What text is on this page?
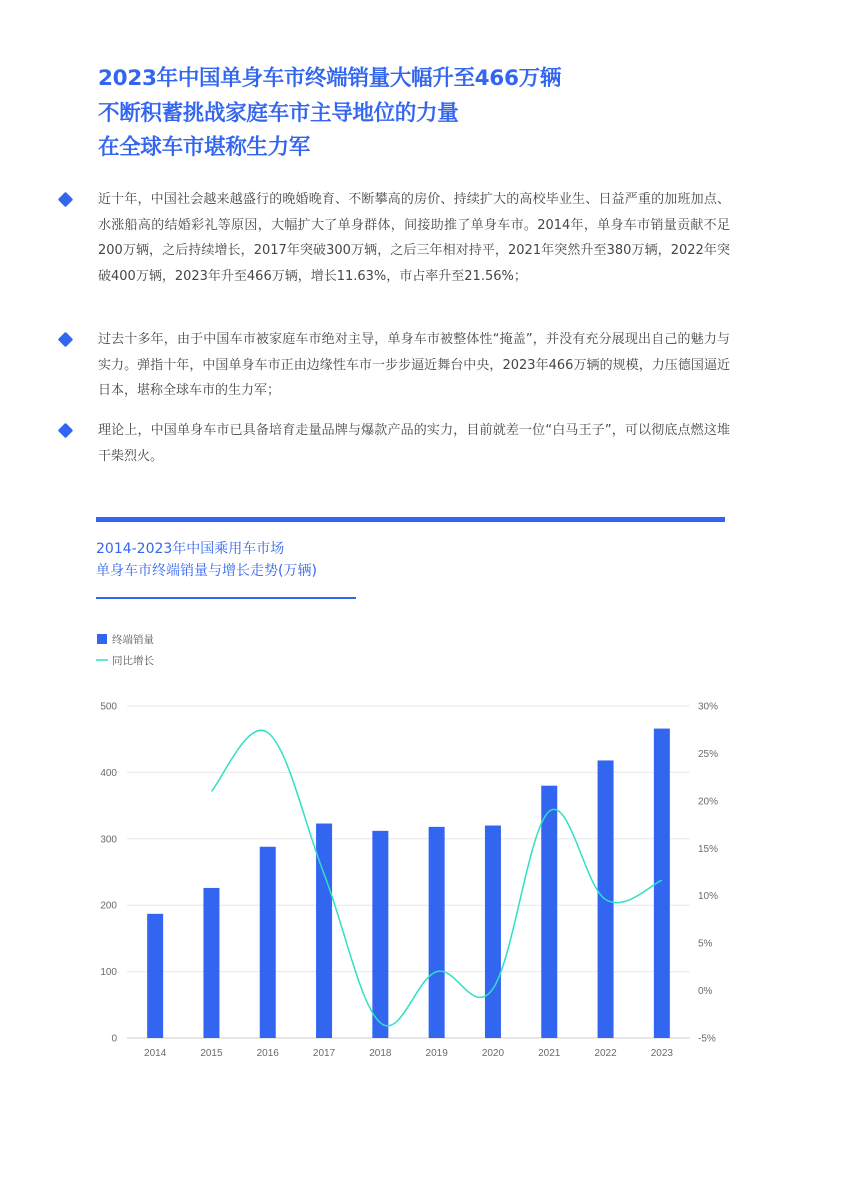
2023年中国单身车市终端销量大幅升至466万辆
不断积蓄挑战家庭车市主导地位的力量
在全球车市堪称生力军
近十年，中国社会越来越盛行的晚婚晚育、不断攀高的房价、持续扩大的高校毕业生、日益严重的加班加点、水涨船高的结婚彩礼等原因，大幅扩大了单身群体，间接助推了单身车市。2014年，单身车市销量贡献不足200万辆，之后持续增长，2017年突破300万辆，之后三年相对持平，2021年突然升至380万辆，2022年突破400万辆，2023年升至466万辆，增长11.63%，市占率升至21.56%；
过去十多年，由于中国车市被家庭车市绝对主导，单身车市被整体性“掩盖”，并没有充分展现出自己的魅力与实力。弹指十年，中国单身车市正由边缘性车市一步步逼近舞台中央，2023年466万辆的规模，力压德国逼近日本，堪称全球车市的生力军；
理论上，中国单身车市已具备培育走量品牌与爆款产品的实力，目前就差一位“白马王子”，可以彻底点燃这堆干柴烈火。
2014-2023年中国乘用车市场
单身车市终端销量与增长走势(万辆)
终端销量
同比增长
0
100
200
300
400
500
-5%
0%
5%
10%
15%
20%
25%
30%
2014	2015	2016	2017	2018	2019	2020	2021	2022	2023
